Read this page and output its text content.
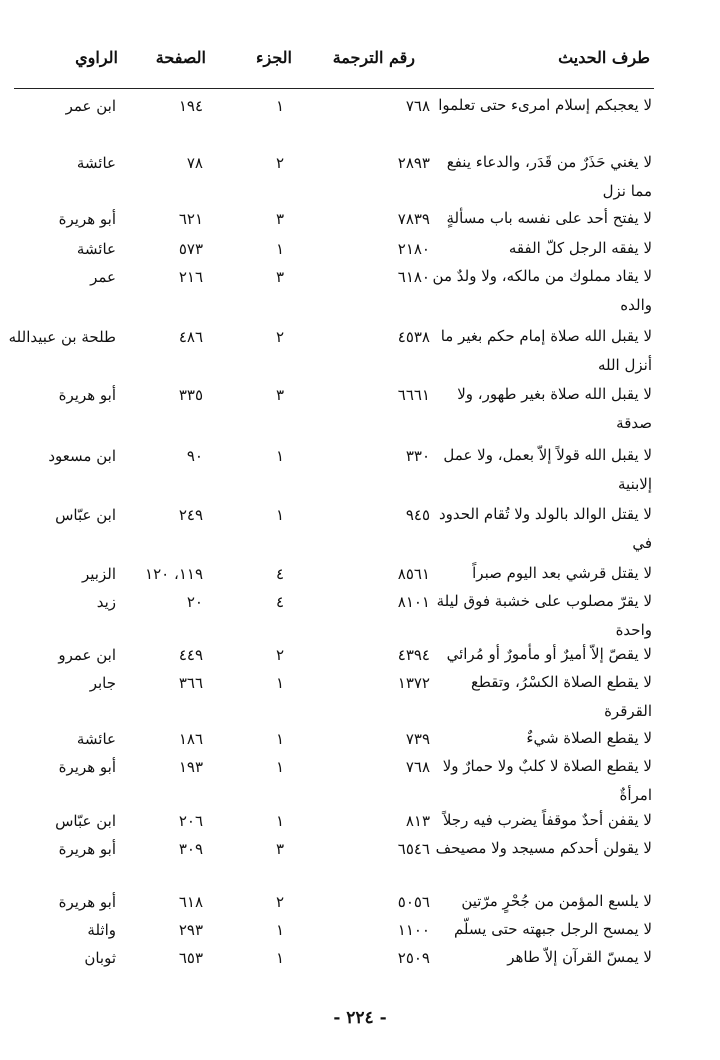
طرف الحديث
رقم الترجمة
الجزء
الصفحة
الراوي
لا يعجبكم إسلام امرىء حتى تعلموا
٧٦٨
١
١٩٤
ابن عمر
لا يغني حَذَرٌ من قَدَر، والدعاء ينفع مما نزل
٢٨٩٣
٢
٧٨
عائشة
لا يفتح أحد على نفسه باب مسألةٍ
٧٨٣٩
٣
٦٢١
أبو هريرة
لا يفقه الرجل كلّ الفقه
٢١٨٠
١
٥٧٣
عائشة
لا يقاد مملوك من مالكه، ولا ولدٌ من والده
٦١٨٠
٣
٢١٦
عمر
لا يقبل الله صلاة إمام حكم بغير ما أنزل الله
٤٥٣٨
٢
٤٨٦
طلحة بن عبيدالله
لا يقبل الله صلاة بغير طهور، ولا صدقة
٦٦٦١
٣
٣٣٥
أبو هريرة
لا يقبل الله قولاً إلاّ بعمل، ولا عمل إلابنية
٣٣٠
١
٩٠
ابن مسعود
لا يقتل الوالد بالولد ولا تُقام الحدود في
٩٤٥
١
٢٤٩
ابن عبّاس
لا يقتل قرشي بعد اليوم صبراً
٨٥٦١
٤
١١٩، ١٢٠
الزبير
لا يقرّ مصلوب على خشبة فوق ليلة واحدة
٨١٠١
٤
٢٠
زيد
لا يقصّ إلاّ أميرٌ أو مأمورٌ أو مُرائي
٤٣٩٤
٢
٤٤٩
ابن عمرو
لا يقطع الصلاة الكسْرُ، وتقطع القرقرة
١٣٧٢
١
٣٦٦
جابر
لا يقطع الصلاة شيءٌ
٧٣٩
١
١٨٦
عائشة
لا يقطع الصلاة لا كلبٌ ولا حمارٌ ولا امرأةٌ
٧٦٨
١
١٩٣
أبو هريرة
لا يقفن أحدٌ موقفاً يضرب فيه رجلاً
٨١٣
١
٢٠٦
ابن عبّاس
لا يقولن أحدكم مسيجد ولا مصيحف
٦٥٤٦
٣
٣٠٩
أبو هريرة
لا يلسع المؤمن من جُحْرٍ مرّتين
٥٠٥٦
٢
٦١٨
أبو هريرة
لا يمسح الرجل جبهته حتى يسلّم
١١٠٠
١
٢٩٣
واثلة
لا يمسّ القرآن إلاّ طاهر
٢٥٠٩
١
٦٥٣
ثوبان
- ٢٢٤ -
